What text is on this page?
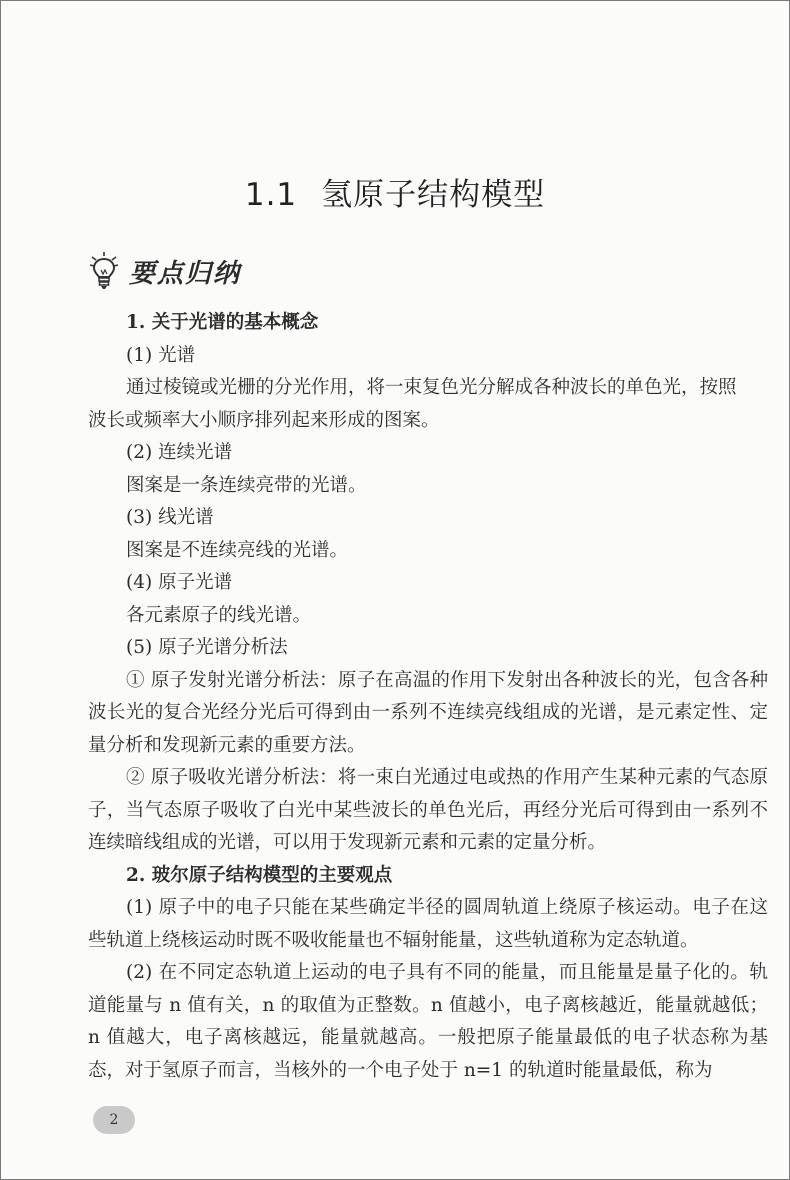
1.1 氢原子结构模型
要点归纳

1. 关于光谱的基本概念

(1) 光谱

通过棱镜或光栅的分光作用，将一束复色光分解成各种波长的单色光，按照

波长或频率大小顺序排列起来形成的图案。

(2) 连续光谱

图案是一条连续亮带的光谱。

(3) 线光谱

图案是不连续亮线的光谱。

(4) 原子光谱

各元素原子的线光谱。

(5) 原子光谱分析法

① 原子发射光谱分析法：原子在高温的作用下发射出各种波长的光，包含各种波长光的复合光经分光后可得到由一系列不连续亮线组成的光谱，是元素定性、定量分析和发现新元素的重要方法。

② 原子吸收光谱分析法：将一束白光通过电或热的作用产生某种元素的气态原子，当气态原子吸收了白光中某些波长的单色光后，再经分光后可得到由一系列不连续暗线组成的光谱，可以用于发现新元素和元素的定量分析。

2. 玻尔原子结构模型的主要观点

(1) 原子中的电子只能在某些确定半径的圆周轨道上绕原子核运动。电子在这些轨道上绕核运动时既不吸收能量也不辐射能量，这些轨道称为定态轨道。

(2) 在不同定态轨道上运动的电子具有不同的能量，而且能量是量子化的。轨道能量与 n 值有关，n 的取值为正整数。n 值越小，电子离核越近，能量就越低；n 值越大，电子离核越远，能量就越高。一般把原子能量最低的电子状态称为基态，对于氢原子而言，当核外的一个电子处于 n=1 的轨道时能量最低，称为

2
